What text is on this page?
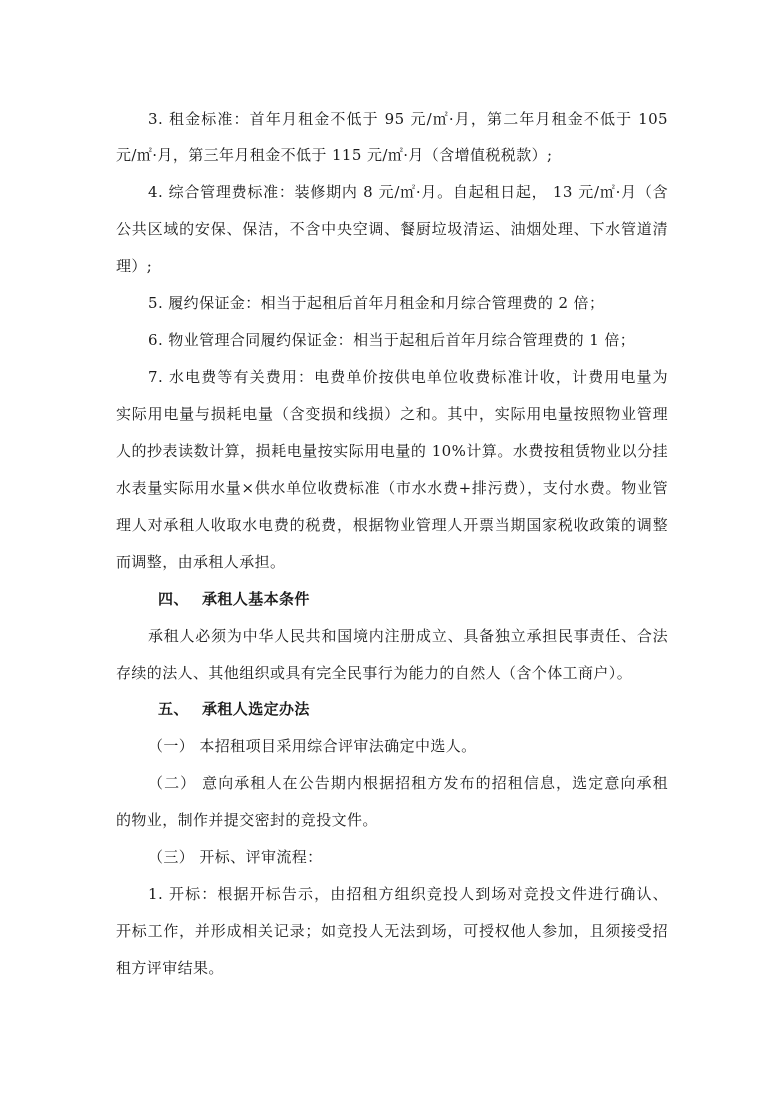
3. 租金标准：首年月租金不低于 95 元/㎡·月，第二年月租金不低于 105
元/㎡·月，第三年月租金不低于 115 元/㎡·月（含增值税税款）;
4. 综合管理费标准：装修期内 8 元/㎡·月。自起租日起， 13 元/㎡·月（含
公共区域的安保、保洁，不含中央空调、餐厨垃圾清运、油烟处理、下水管道清
理）;
5. 履约保证金：相当于起租后首年月租金和月综合管理费的 2 倍；
6. 物业管理合同履约保证金：相当于起租后首年月综合管理费的 1 倍；
7. 水电费等有关费用：电费单价按供电单位收费标准计收，计费用电量为
实际用电量与损耗电量（含变损和线损）之和。其中，实际用电量按照物业管理
人的抄表读数计算，损耗电量按实际用电量的 10%计算。水费按租赁物业以分挂
水表量实际用水量×供水单位收费标准（市水水费+排污费），支付水费。物业管
理人对承租人收取水电费的税费，根据物业管理人开票当期国家税收政策的调整
而调整，由承租人承担。
四、 承租人基本条件
承租人必须为中华人民共和国境内注册成立、具备独立承担民事责任、合法
存续的法人、其他组织或具有完全民事行为能力的自然人（含个体工商户）。
五、 承租人选定办法
（一） 本招租项目采用综合评审法确定中选人。
（二） 意向承租人在公告期内根据招租方发布的招租信息，选定意向承租
的物业，制作并提交密封的竞投文件。
（三） 开标、评审流程：
1. 开标：根据开标告示，由招租方组织竞投人到场对竞投文件进行确认、
开标工作，并形成相关记录；如竞投人无法到场，可授权他人参加，且须接受招
租方评审结果。
